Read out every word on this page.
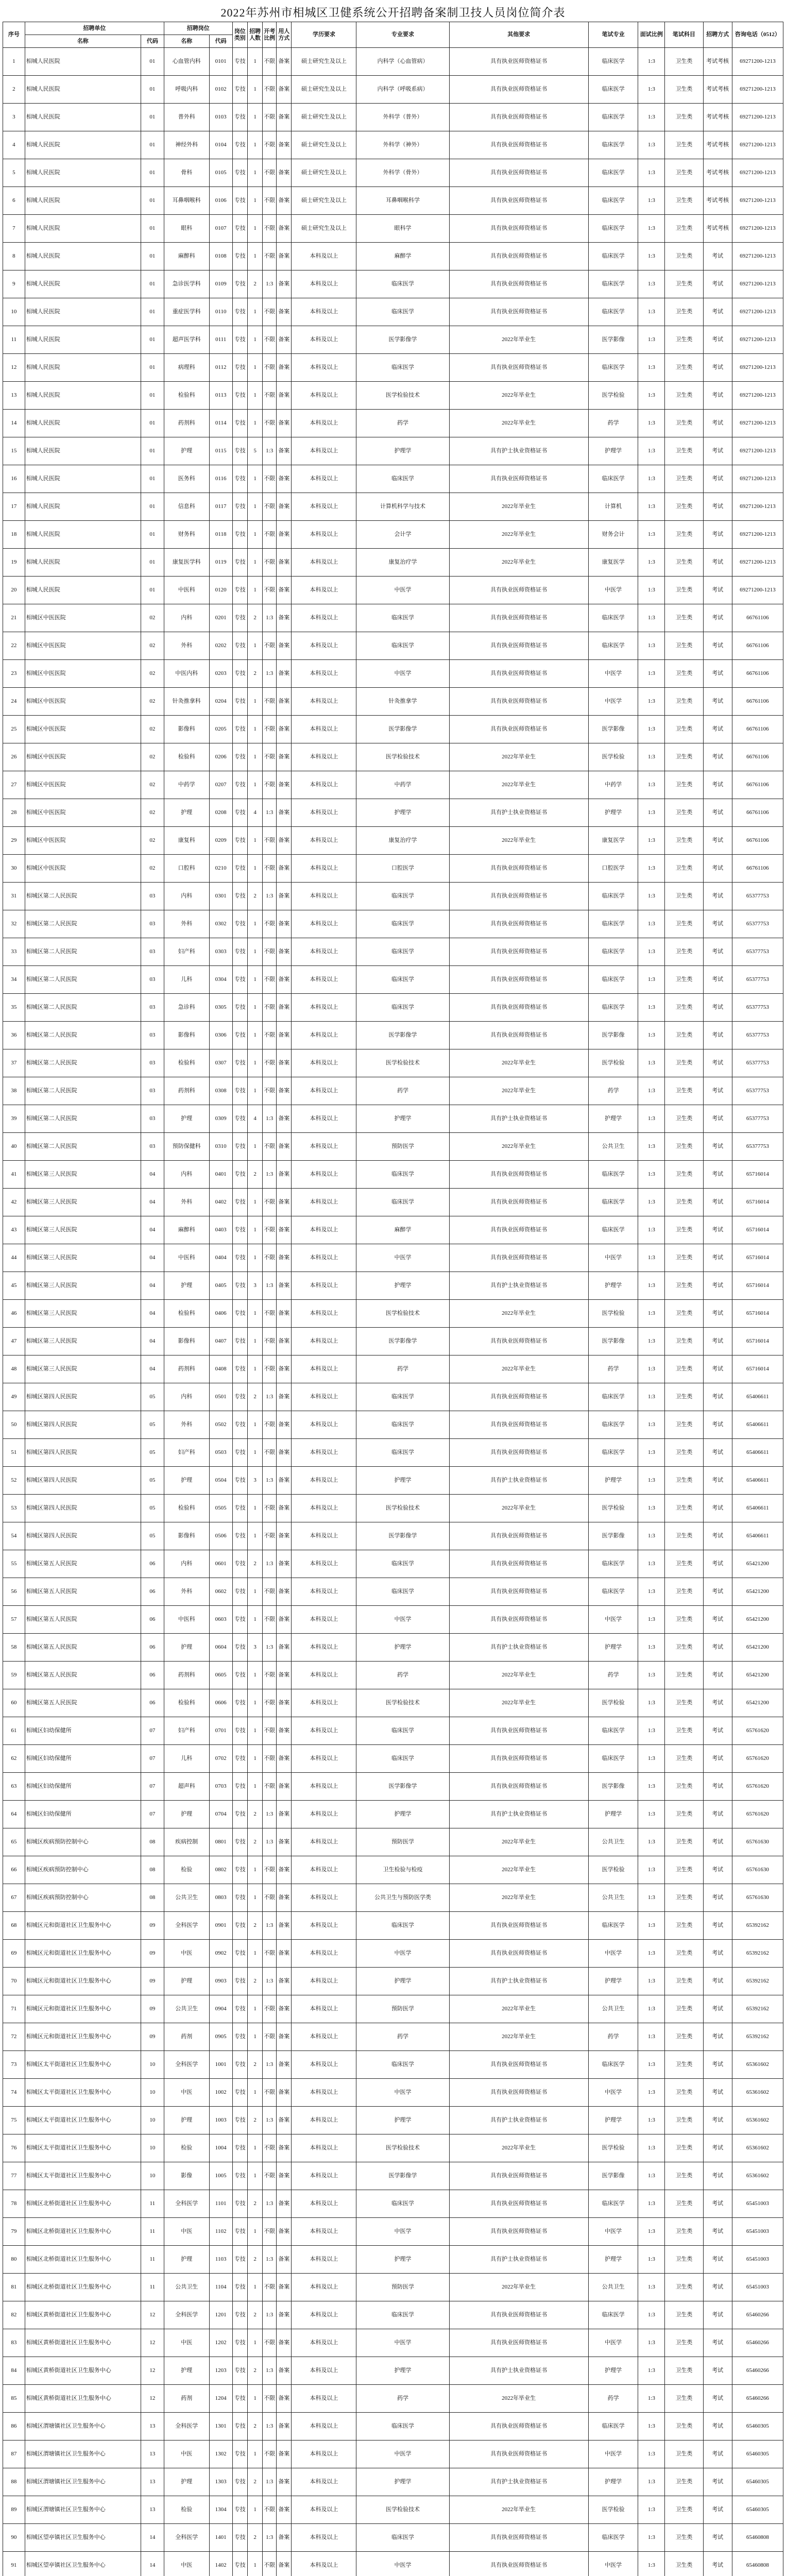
2022年苏州市相城区卫健系统公开招聘备案制卫技人员岗位简介表
序号	招聘单位		招聘岗位		岗位类别	招聘人数	开考比例	用人方式	学历要求	专业要求	其他要求	笔试专业	面试比例	笔试科目	招聘方式	咨询电话（0512）
	名称	代码	名称	代码												
1	相城人民医院	01	心血管内科	0101	专技	1	不限	备案	硕士研究生及以上	内科学（心血管病）	具有执业医师资格证书	临床医学	1:3	卫生类	考试考核	69271200-1213
2	相城人民医院	01	呼吸内科	0102	专技	1	不限	备案	硕士研究生及以上	内科学（呼吸系病）	具有执业医师资格证书	临床医学	1:3	卫生类	考试考核	69271200-1213
3	相城人民医院	01	普外科	0103	专技	1	不限	备案	硕士研究生及以上	外科学（普外）	具有执业医师资格证书	临床医学	1:3	卫生类	考试考核	69271200-1213
4	相城人民医院	01	神经外科	0104	专技	1	不限	备案	硕士研究生及以上	外科学（神外）	具有执业医师资格证书	临床医学	1:3	卫生类	考试考核	69271200-1213
5	相城人民医院	01	骨科	0105	专技	1	不限	备案	硕士研究生及以上	外科学（骨外）	具有执业医师资格证书	临床医学	1:3	卫生类	考试考核	69271200-1213
6	相城人民医院	01	耳鼻咽喉科	0106	专技	1	不限	备案	硕士研究生及以上	耳鼻咽喉科学	具有执业医师资格证书	临床医学	1:3	卫生类	考试考核	69271200-1213
7	相城人民医院	01	眼科	0107	专技	1	不限	备案	硕士研究生及以上	眼科学	具有执业医师资格证书	临床医学	1:3	卫生类	考试考核	69271200-1213
8	相城人民医院	01	麻醉科	0108	专技	1	不限	备案	本科及以上	麻醉学	具有执业医师资格证书	临床医学	1:3	卫生类	考试	69271200-1213
9	相城人民医院	01	急诊医学科	0109	专技	2	1:3	备案	本科及以上	临床医学	具有执业医师资格证书	临床医学	1:3	卫生类	考试	69271200-1213
10	相城人民医院	01	重症医学科	0110	专技	1	不限	备案	本科及以上	临床医学	具有执业医师资格证书	临床医学	1:3	卫生类	考试	69271200-1213
11	相城人民医院	01	超声医学科	0111	专技	1	不限	备案	本科及以上	医学影像学	2022年毕业生	医学影像	1:3	卫生类	考试	69271200-1213
12	相城人民医院	01	病理科	0112	专技	1	不限	备案	本科及以上	临床医学	具有执业医师资格证书	临床医学	1:3	卫生类	考试	69271200-1213
13	相城人民医院	01	检验科	0113	专技	1	不限	备案	本科及以上	医学检验技术	2022年毕业生	医学检验	1:3	卫生类	考试	69271200-1213
14	相城人民医院	01	药剂科	0114	专技	1	不限	备案	本科及以上	药学	2022年毕业生	药学	1:3	卫生类	考试	69271200-1213
15	相城人民医院	01	护理	0115	专技	5	1:3	备案	本科及以上	护理学	具有护士执业资格证书	护理学	1:3	卫生类	考试	69271200-1213
16	相城人民医院	01	医务科	0116	专技	1	不限	备案	本科及以上	临床医学	具有执业医师资格证书	临床医学	1:3	卫生类	考试	69271200-1213
17	相城人民医院	01	信息科	0117	专技	1	不限	备案	本科及以上	计算机科学与技术	2022年毕业生	计算机	1:3	卫生类	考试	69271200-1213
18	相城人民医院	01	财务科	0118	专技	1	不限	备案	本科及以上	会计学	2022年毕业生	财务会计	1:3	卫生类	考试	69271200-1213
19	相城人民医院	01	康复医学科	0119	专技	1	不限	备案	本科及以上	康复治疗学	2022年毕业生	康复医学	1:3	卫生类	考试	69271200-1213
20	相城人民医院	01	中医科	0120	专技	1	不限	备案	本科及以上	中医学	具有执业医师资格证书	中医学	1:3	卫生类	考试	69271200-1213
21	相城区中医医院	02	内科	0201	专技	2	1:3	备案	本科及以上	临床医学	具有执业医师资格证书	临床医学	1:3	卫生类	考试	66761106
22	相城区中医医院	02	外科	0202	专技	1	不限	备案	本科及以上	临床医学	具有执业医师资格证书	临床医学	1:3	卫生类	考试	66761106
23	相城区中医医院	02	中医内科	0203	专技	2	1:3	备案	本科及以上	中医学	具有执业医师资格证书	中医学	1:3	卫生类	考试	66761106
24	相城区中医医院	02	针灸推拿科	0204	专技	1	不限	备案	本科及以上	针灸推拿学	具有执业医师资格证书	中医学	1:3	卫生类	考试	66761106
25	相城区中医医院	02	影像科	0205	专技	1	不限	备案	本科及以上	医学影像学	具有执业医师资格证书	医学影像	1:3	卫生类	考试	66761106
26	相城区中医医院	02	检验科	0206	专技	1	不限	备案	本科及以上	医学检验技术	2022年毕业生	医学检验	1:3	卫生类	考试	66761106
27	相城区中医医院	02	中药学	0207	专技	1	不限	备案	本科及以上	中药学	2022年毕业生	中药学	1:3	卫生类	考试	66761106
28	相城区中医医院	02	护理	0208	专技	4	1:3	备案	本科及以上	护理学	具有护士执业资格证书	护理学	1:3	卫生类	考试	66761106
29	相城区中医医院	02	康复科	0209	专技	1	不限	备案	本科及以上	康复治疗学	2022年毕业生	康复医学	1:3	卫生类	考试	66761106
30	相城区中医医院	02	口腔科	0210	专技	1	不限	备案	本科及以上	口腔医学	具有执业医师资格证书	口腔医学	1:3	卫生类	考试	66761106
31	相城区第二人民医院	03	内科	0301	专技	2	1:3	备案	本科及以上	临床医学	具有执业医师资格证书	临床医学	1:3	卫生类	考试	65377753
32	相城区第二人民医院	03	外科	0302	专技	1	不限	备案	本科及以上	临床医学	具有执业医师资格证书	临床医学	1:3	卫生类	考试	65377753
33	相城区第二人民医院	03	妇产科	0303	专技	1	不限	备案	本科及以上	临床医学	具有执业医师资格证书	临床医学	1:3	卫生类	考试	65377753
34	相城区第二人民医院	03	儿科	0304	专技	1	不限	备案	本科及以上	临床医学	具有执业医师资格证书	临床医学	1:3	卫生类	考试	65377753
35	相城区第二人民医院	03	急诊科	0305	专技	1	不限	备案	本科及以上	临床医学	具有执业医师资格证书	临床医学	1:3	卫生类	考试	65377753
36	相城区第二人民医院	03	影像科	0306	专技	1	不限	备案	本科及以上	医学影像学	具有执业医师资格证书	医学影像	1:3	卫生类	考试	65377753
37	相城区第二人民医院	03	检验科	0307	专技	1	不限	备案	本科及以上	医学检验技术	2022年毕业生	医学检验	1:3	卫生类	考试	65377753
38	相城区第二人民医院	03	药剂科	0308	专技	1	不限	备案	本科及以上	药学	2022年毕业生	药学	1:3	卫生类	考试	65377753
39	相城区第二人民医院	03	护理	0309	专技	4	1:3	备案	本科及以上	护理学	具有护士执业资格证书	护理学	1:3	卫生类	考试	65377753
40	相城区第二人民医院	03	预防保健科	0310	专技	1	不限	备案	本科及以上	预防医学	2022年毕业生	公共卫生	1:3	卫生类	考试	65377753
41	相城区第三人民医院	04	内科	0401	专技	2	1:3	备案	本科及以上	临床医学	具有执业医师资格证书	临床医学	1:3	卫生类	考试	65716014
42	相城区第三人民医院	04	外科	0402	专技	1	不限	备案	本科及以上	临床医学	具有执业医师资格证书	临床医学	1:3	卫生类	考试	65716014
43	相城区第三人民医院	04	麻醉科	0403	专技	1	不限	备案	本科及以上	麻醉学	具有执业医师资格证书	临床医学	1:3	卫生类	考试	65716014
44	相城区第三人民医院	04	中医科	0404	专技	1	不限	备案	本科及以上	中医学	具有执业医师资格证书	中医学	1:3	卫生类	考试	65716014
45	相城区第三人民医院	04	护理	0405	专技	3	1:3	备案	本科及以上	护理学	具有护士执业资格证书	护理学	1:3	卫生类	考试	65716014
46	相城区第三人民医院	04	检验科	0406	专技	1	不限	备案	本科及以上	医学检验技术	2022年毕业生	医学检验	1:3	卫生类	考试	65716014
47	相城区第三人民医院	04	影像科	0407	专技	1	不限	备案	本科及以上	医学影像学	具有执业医师资格证书	医学影像	1:3	卫生类	考试	65716014
48	相城区第三人民医院	04	药剂科	0408	专技	1	不限	备案	本科及以上	药学	2022年毕业生	药学	1:3	卫生类	考试	65716014
49	相城区第四人民医院	05	内科	0501	专技	2	1:3	备案	本科及以上	临床医学	具有执业医师资格证书	临床医学	1:3	卫生类	考试	65406611
50	相城区第四人民医院	05	外科	0502	专技	1	不限	备案	本科及以上	临床医学	具有执业医师资格证书	临床医学	1:3	卫生类	考试	65406611
51	相城区第四人民医院	05	妇产科	0503	专技	1	不限	备案	本科及以上	临床医学	具有执业医师资格证书	临床医学	1:3	卫生类	考试	65406611
52	相城区第四人民医院	05	护理	0504	专技	3	1:3	备案	本科及以上	护理学	具有护士执业资格证书	护理学	1:3	卫生类	考试	65406611
53	相城区第四人民医院	05	检验科	0505	专技	1	不限	备案	本科及以上	医学检验技术	2022年毕业生	医学检验	1:3	卫生类	考试	65406611
54	相城区第四人民医院	05	影像科	0506	专技	1	不限	备案	本科及以上	医学影像学	具有执业医师资格证书	医学影像	1:3	卫生类	考试	65406611
55	相城区第五人民医院	06	内科	0601	专技	2	1:3	备案	本科及以上	临床医学	具有执业医师资格证书	临床医学	1:3	卫生类	考试	65421200
56	相城区第五人民医院	06	外科	0602	专技	1	不限	备案	本科及以上	临床医学	具有执业医师资格证书	临床医学	1:3	卫生类	考试	65421200
57	相城区第五人民医院	06	中医科	0603	专技	1	不限	备案	本科及以上	中医学	具有执业医师资格证书	中医学	1:3	卫生类	考试	65421200
58	相城区第五人民医院	06	护理	0604	专技	3	1:3	备案	本科及以上	护理学	具有护士执业资格证书	护理学	1:3	卫生类	考试	65421200
59	相城区第五人民医院	06	药剂科	0605	专技	1	不限	备案	本科及以上	药学	2022年毕业生	药学	1:3	卫生类	考试	65421200
60	相城区第五人民医院	06	检验科	0606	专技	1	不限	备案	本科及以上	医学检验技术	2022年毕业生	医学检验	1:3	卫生类	考试	65421200
61	相城区妇幼保健所	07	妇产科	0701	专技	1	不限	备案	本科及以上	临床医学	具有执业医师资格证书	临床医学	1:3	卫生类	考试	65761620
62	相城区妇幼保健所	07	儿科	0702	专技	1	不限	备案	本科及以上	临床医学	具有执业医师资格证书	临床医学	1:3	卫生类	考试	65761620
63	相城区妇幼保健所	07	超声科	0703	专技	1	不限	备案	本科及以上	医学影像学	具有执业医师资格证书	医学影像	1:3	卫生类	考试	65761620
64	相城区妇幼保健所	07	护理	0704	专技	2	1:3	备案	本科及以上	护理学	具有护士执业资格证书	护理学	1:3	卫生类	考试	65761620
65	相城区疾病预防控制中心	08	疾病控制	0801	专技	2	1:3	备案	本科及以上	预防医学	2022年毕业生	公共卫生	1:3	卫生类	考试	65761630
66	相城区疾病预防控制中心	08	检验	0802	专技	1	不限	备案	本科及以上	卫生检验与检疫	2022年毕业生	医学检验	1:3	卫生类	考试	65761630
67	相城区疾病预防控制中心	08	公共卫生	0803	专技	1	不限	备案	本科及以上	公共卫生与预防医学类	2022年毕业生	公共卫生	1:3	卫生类	考试	65761630
68	相城区元和街道社区卫生服务中心	09	全科医学	0901	专技	2	1:3	备案	本科及以上	临床医学	具有执业医师资格证书	临床医学	1:3	卫生类	考试	65392162
69	相城区元和街道社区卫生服务中心	09	中医	0902	专技	1	不限	备案	本科及以上	中医学	具有执业医师资格证书	中医学	1:3	卫生类	考试	65392162
70	相城区元和街道社区卫生服务中心	09	护理	0903	专技	2	1:3	备案	本科及以上	护理学	具有护士执业资格证书	护理学	1:3	卫生类	考试	65392162
71	相城区元和街道社区卫生服务中心	09	公共卫生	0904	专技	1	不限	备案	本科及以上	预防医学	2022年毕业生	公共卫生	1:3	卫生类	考试	65392162
72	相城区元和街道社区卫生服务中心	09	药剂	0905	专技	1	不限	备案	本科及以上	药学	2022年毕业生	药学	1:3	卫生类	考试	65392162
73	相城区太平街道社区卫生服务中心	10	全科医学	1001	专技	2	1:3	备案	本科及以上	临床医学	具有执业医师资格证书	临床医学	1:3	卫生类	考试	65361602
74	相城区太平街道社区卫生服务中心	10	中医	1002	专技	1	不限	备案	本科及以上	中医学	具有执业医师资格证书	中医学	1:3	卫生类	考试	65361602
75	相城区太平街道社区卫生服务中心	10	护理	1003	专技	2	1:3	备案	本科及以上	护理学	具有护士执业资格证书	护理学	1:3	卫生类	考试	65361602
76	相城区太平街道社区卫生服务中心	10	检验	1004	专技	1	不限	备案	本科及以上	医学检验技术	2022年毕业生	医学检验	1:3	卫生类	考试	65361602
77	相城区太平街道社区卫生服务中心	10	影像	1005	专技	1	不限	备案	本科及以上	医学影像学	具有执业医师资格证书	医学影像	1:3	卫生类	考试	65361602
78	相城区北桥街道社区卫生服务中心	11	全科医学	1101	专技	2	1:3	备案	本科及以上	临床医学	具有执业医师资格证书	临床医学	1:3	卫生类	考试	65451003
79	相城区北桥街道社区卫生服务中心	11	中医	1102	专技	1	不限	备案	本科及以上	中医学	具有执业医师资格证书	中医学	1:3	卫生类	考试	65451003
80	相城区北桥街道社区卫生服务中心	11	护理	1103	专技	2	1:3	备案	本科及以上	护理学	具有护士执业资格证书	护理学	1:3	卫生类	考试	65451003
81	相城区北桥街道社区卫生服务中心	11	公共卫生	1104	专技	1	不限	备案	本科及以上	预防医学	2022年毕业生	公共卫生	1:3	卫生类	考试	65451003
82	相城区黄桥街道社区卫生服务中心	12	全科医学	1201	专技	2	1:3	备案	本科及以上	临床医学	具有执业医师资格证书	临床医学	1:3	卫生类	考试	65460266
83	相城区黄桥街道社区卫生服务中心	12	中医	1202	专技	1	不限	备案	本科及以上	中医学	具有执业医师资格证书	中医学	1:3	卫生类	考试	65460266
84	相城区黄桥街道社区卫生服务中心	12	护理	1203	专技	2	1:3	备案	本科及以上	护理学	具有护士执业资格证书	护理学	1:3	卫生类	考试	65460266
85	相城区黄桥街道社区卫生服务中心	12	药剂	1204	专技	1	不限	备案	本科及以上	药学	2022年毕业生	药学	1:3	卫生类	考试	65460266
86	相城区渭塘镇社区卫生服务中心	13	全科医学	1301	专技	2	1:3	备案	本科及以上	临床医学	具有执业医师资格证书	临床医学	1:3	卫生类	考试	65460305
87	相城区渭塘镇社区卫生服务中心	13	中医	1302	专技	1	不限	备案	本科及以上	中医学	具有执业医师资格证书	中医学	1:3	卫生类	考试	65460305
88	相城区渭塘镇社区卫生服务中心	13	护理	1303	专技	2	1:3	备案	本科及以上	护理学	具有护士执业资格证书	护理学	1:3	卫生类	考试	65460305
89	相城区渭塘镇社区卫生服务中心	13	检验	1304	专技	1	不限	备案	本科及以上	医学检验技术	2022年毕业生	医学检验	1:3	卫生类	考试	65460305
90	相城区望亭镇社区卫生服务中心	14	全科医学	1401	专技	2	1:3	备案	本科及以上	临床医学	具有执业医师资格证书	临床医学	1:3	卫生类	考试	65460808
91	相城区望亭镇社区卫生服务中心	14	中医	1402	专技	1	不限	备案	本科及以上	中医学	具有执业医师资格证书	中医学	1:3	卫生类	考试	65460808
